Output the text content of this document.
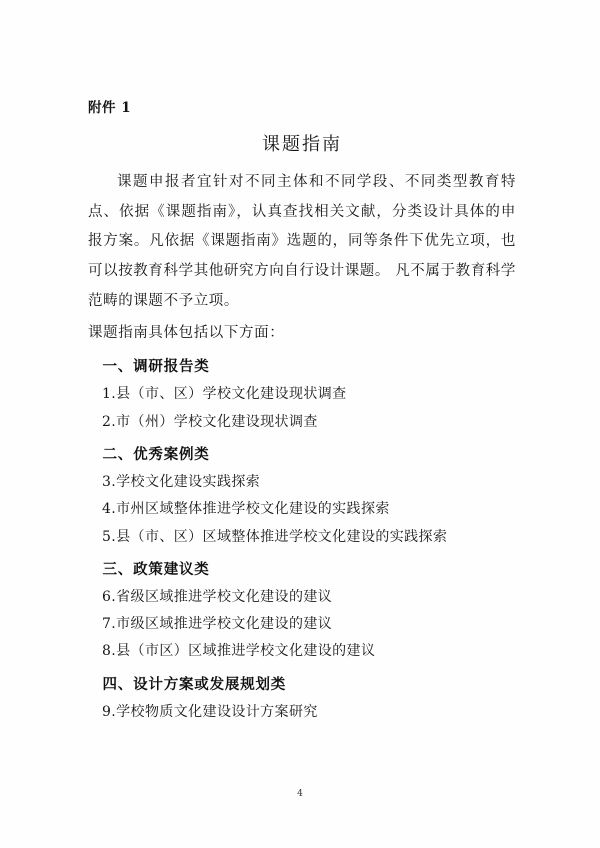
附件 1
课题指南

课题申报者宜针对不同主体和不同学段、不同类型教育特点、依据《课题指南》，认真查找相关文献，分类设计具体的申报方案。凡依据《课题指南》选题的，同等条件下优先立项，也可以按教育科学其他研究方向自行设计课题。 凡不属于教育科学范畴的课题不予立项。

课题指南具体包括以下方面：

一、调研报告类

1.县（市、区）学校文化建设现状调查

2.市（州）学校文化建设现状调查

二、优秀案例类

3.学校文化建设实践探索

4.市州区域整体推进学校文化建设的实践探索

5.县（市、区）区域整体推进学校文化建设的实践探索

三、政策建议类

6.省级区域推进学校文化建设的建议

7.市级区域推进学校文化建设的建议

8.县（市区）区域推进学校文化建设的建议

四、设计方案或发展规划类

9.学校物质文化建设设计方案研究

4
